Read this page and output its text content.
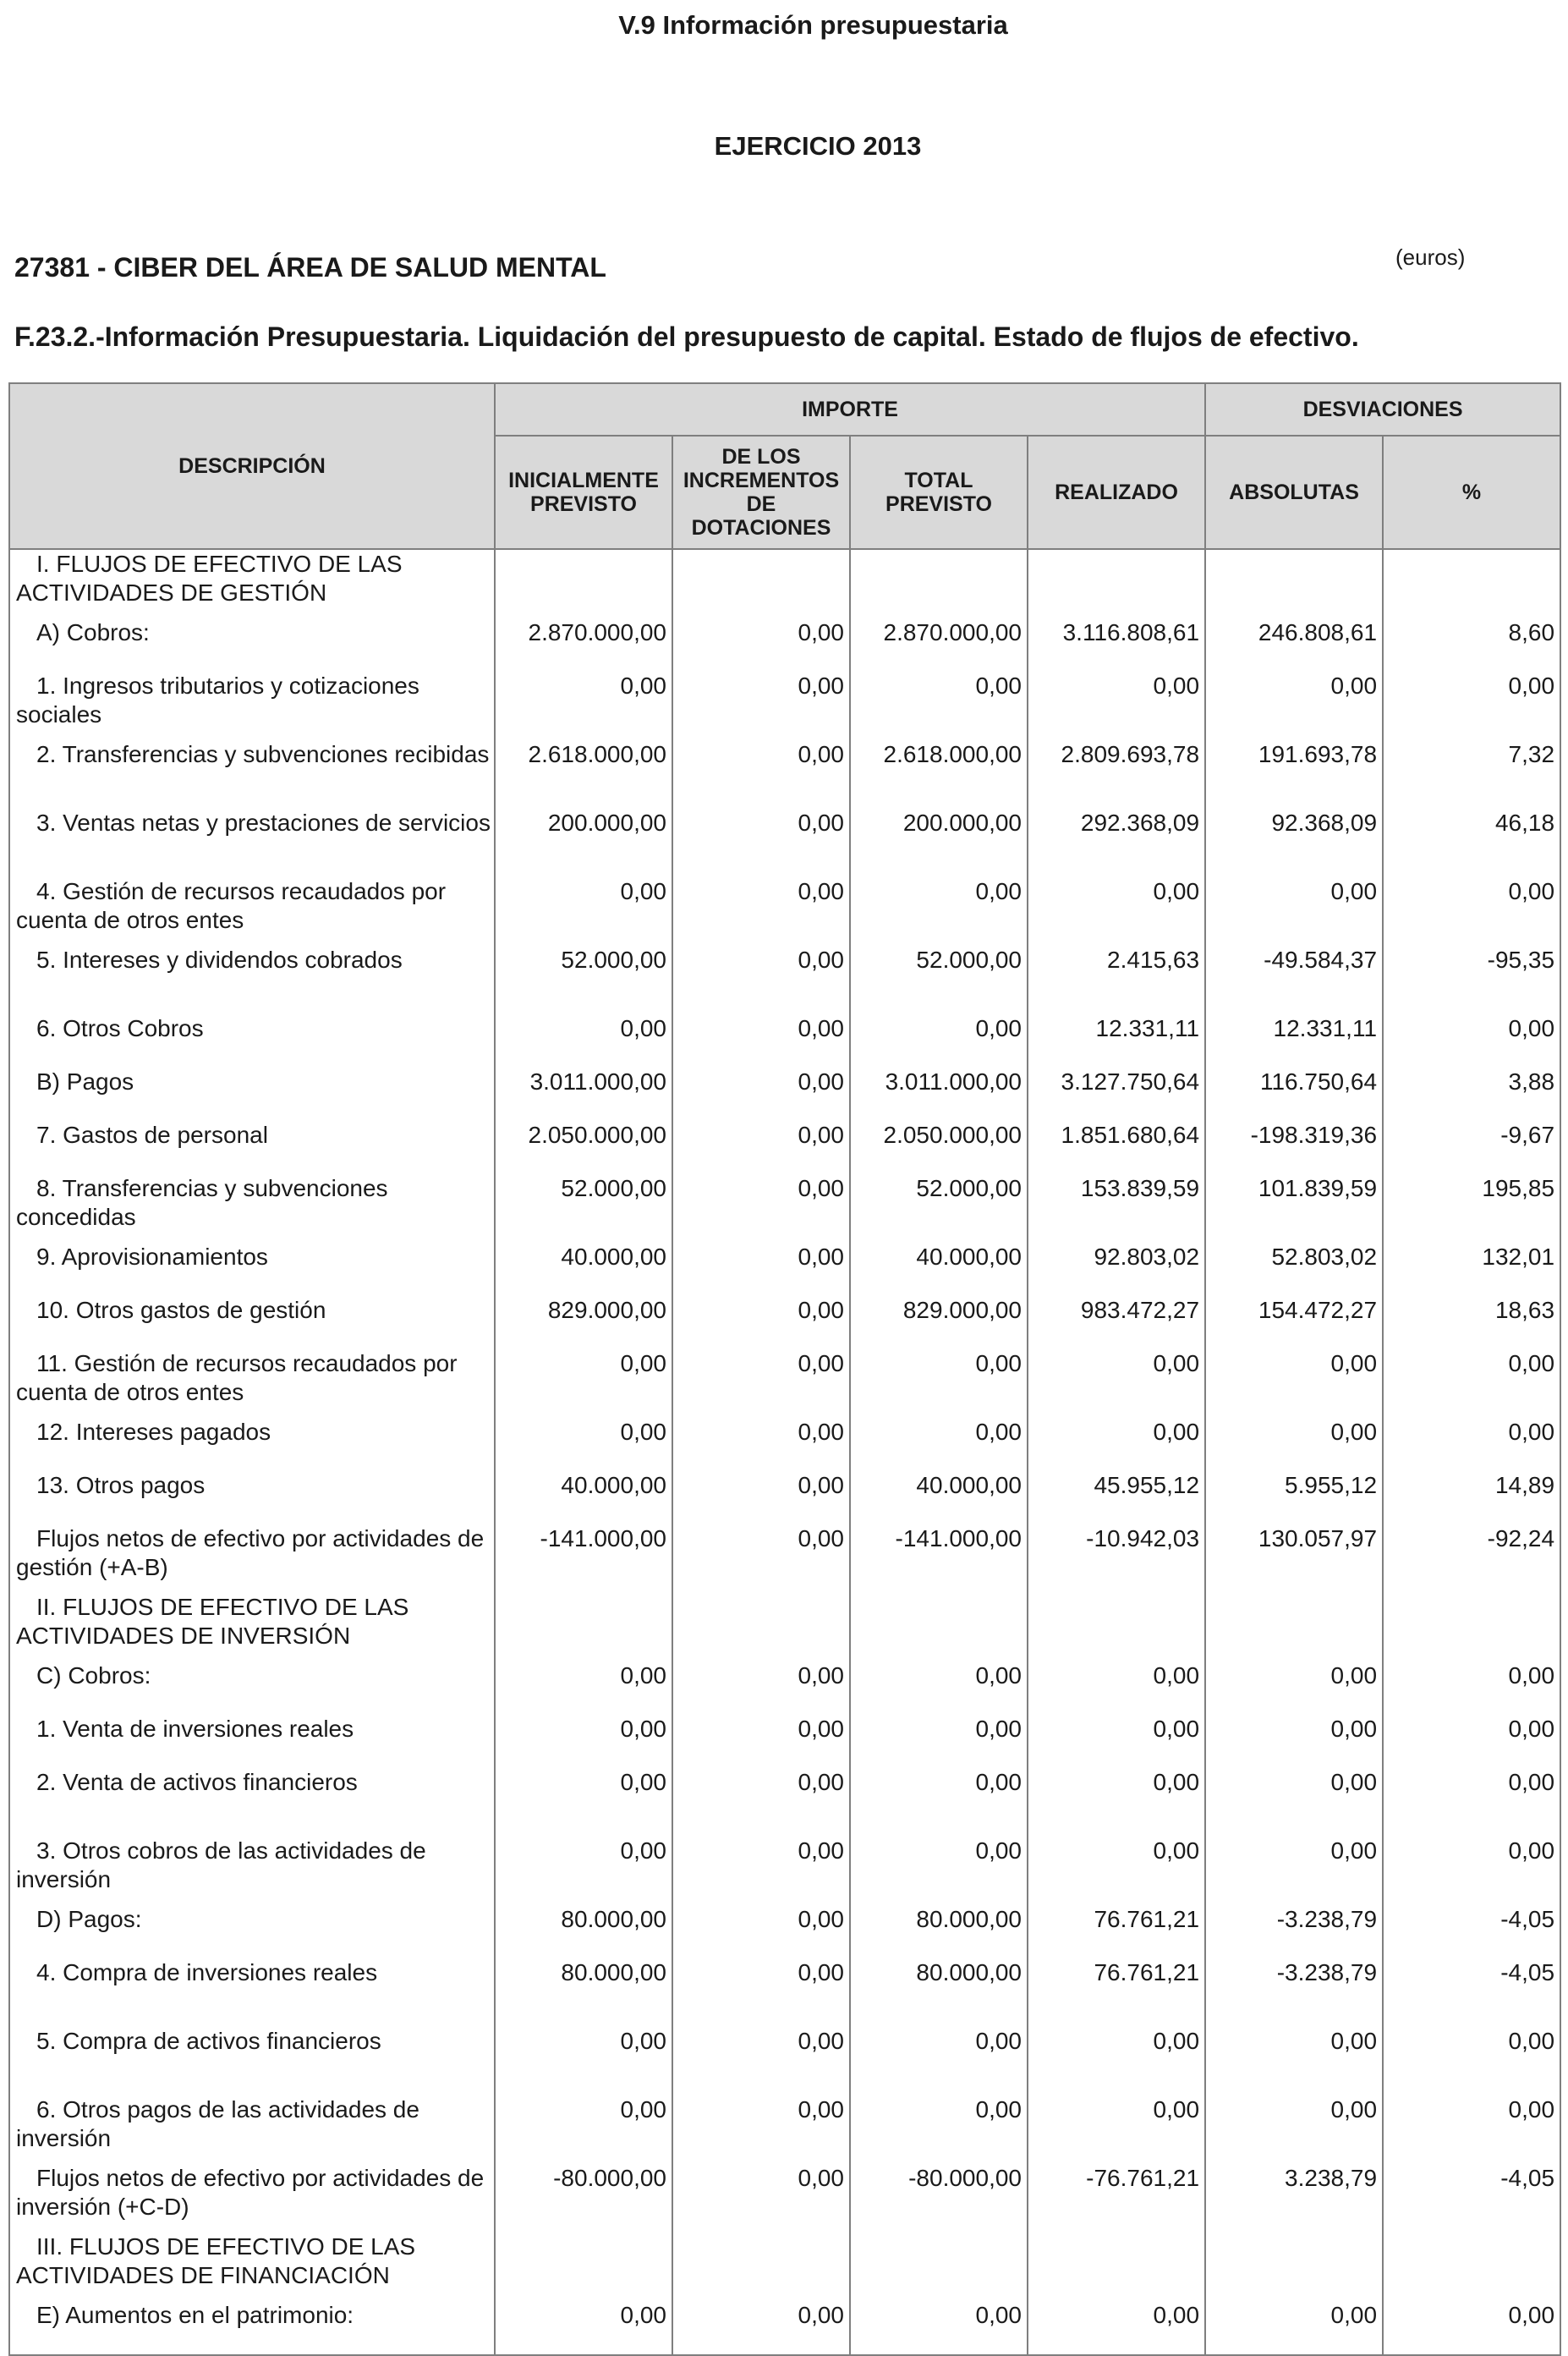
V.9 Información presupuestaria
EJERCICIO 2013
27381 - CIBER DEL ÁREA DE SALUD MENTAL	(euros)
F.23.2.-Información Presupuestaria. Liquidación del presupuesto de capital. Estado de flujos de efectivo.
DESCRIPCIÓN	IMPORTE				DESVIACIONES	
	INICIALMENTE PREVISTO	DE LOS INCREMENTOS DE DOTACIONES	TOTAL PREVISTO	REALIZADO	ABSOLUTAS	%
I. FLUJOS DE EFECTIVO DE LAS ACTIVIDADES DE GESTIÓN						
A) Cobros:	2.870.000,00	0,00	2.870.000,00	3.116.808,61	246.808,61	8,60
1. Ingresos tributarios y cotizaciones sociales	0,00	0,00	0,00	0,00	0,00	0,00
2. Transferencias y subvenciones recibidas	2.618.000,00	0,00	2.618.000,00	2.809.693,78	191.693,78	7,32
3. Ventas netas y prestaciones de servicios	200.000,00	0,00	200.000,00	292.368,09	92.368,09	46,18
4. Gestión de recursos recaudados por cuenta de otros entes	0,00	0,00	0,00	0,00	0,00	0,00
5. Intereses y dividendos cobrados	52.000,00	0,00	52.000,00	2.415,63	-49.584,37	-95,35
6. Otros Cobros	0,00	0,00	0,00	12.331,11	12.331,11	0,00
B) Pagos	3.011.000,00	0,00	3.011.000,00	3.127.750,64	116.750,64	3,88
7. Gastos de personal	2.050.000,00	0,00	2.050.000,00	1.851.680,64	-198.319,36	-9,67
8. Transferencias y subvenciones concedidas	52.000,00	0,00	52.000,00	153.839,59	101.839,59	195,85
9. Aprovisionamientos	40.000,00	0,00	40.000,00	92.803,02	52.803,02	132,01
10. Otros gastos de gestión	829.000,00	0,00	829.000,00	983.472,27	154.472,27	18,63
11. Gestión de recursos recaudados por cuenta de otros entes	0,00	0,00	0,00	0,00	0,00	0,00
12. Intereses pagados	0,00	0,00	0,00	0,00	0,00	0,00
13. Otros pagos	40.000,00	0,00	40.000,00	45.955,12	5.955,12	14,89
Flujos netos de efectivo por actividades de gestión (+A-B)	-141.000,00	0,00	-141.000,00	-10.942,03	130.057,97	-92,24
II. FLUJOS DE EFECTIVO DE LAS ACTIVIDADES DE INVERSIÓN						
C) Cobros:	0,00	0,00	0,00	0,00	0,00	0,00
1. Venta de inversiones reales	0,00	0,00	0,00	0,00	0,00	0,00
2. Venta de activos financieros	0,00	0,00	0,00	0,00	0,00	0,00
3. Otros cobros de las actividades de inversión	0,00	0,00	0,00	0,00	0,00	0,00
D) Pagos:	80.000,00	0,00	80.000,00	76.761,21	-3.238,79	-4,05
4. Compra de inversiones reales	80.000,00	0,00	80.000,00	76.761,21	-3.238,79	-4,05
5. Compra de activos financieros	0,00	0,00	0,00	0,00	0,00	0,00
6. Otros pagos de las actividades de inversión	0,00	0,00	0,00	0,00	0,00	0,00
Flujos netos de efectivo por actividades de inversión (+C-D)	-80.000,00	0,00	-80.000,00	-76.761,21	3.238,79	-4,05
III. FLUJOS DE EFECTIVO DE LAS ACTIVIDADES DE FINANCIACIÓN						
E) Aumentos en el patrimonio:	0,00	0,00	0,00	0,00	0,00	0,00
